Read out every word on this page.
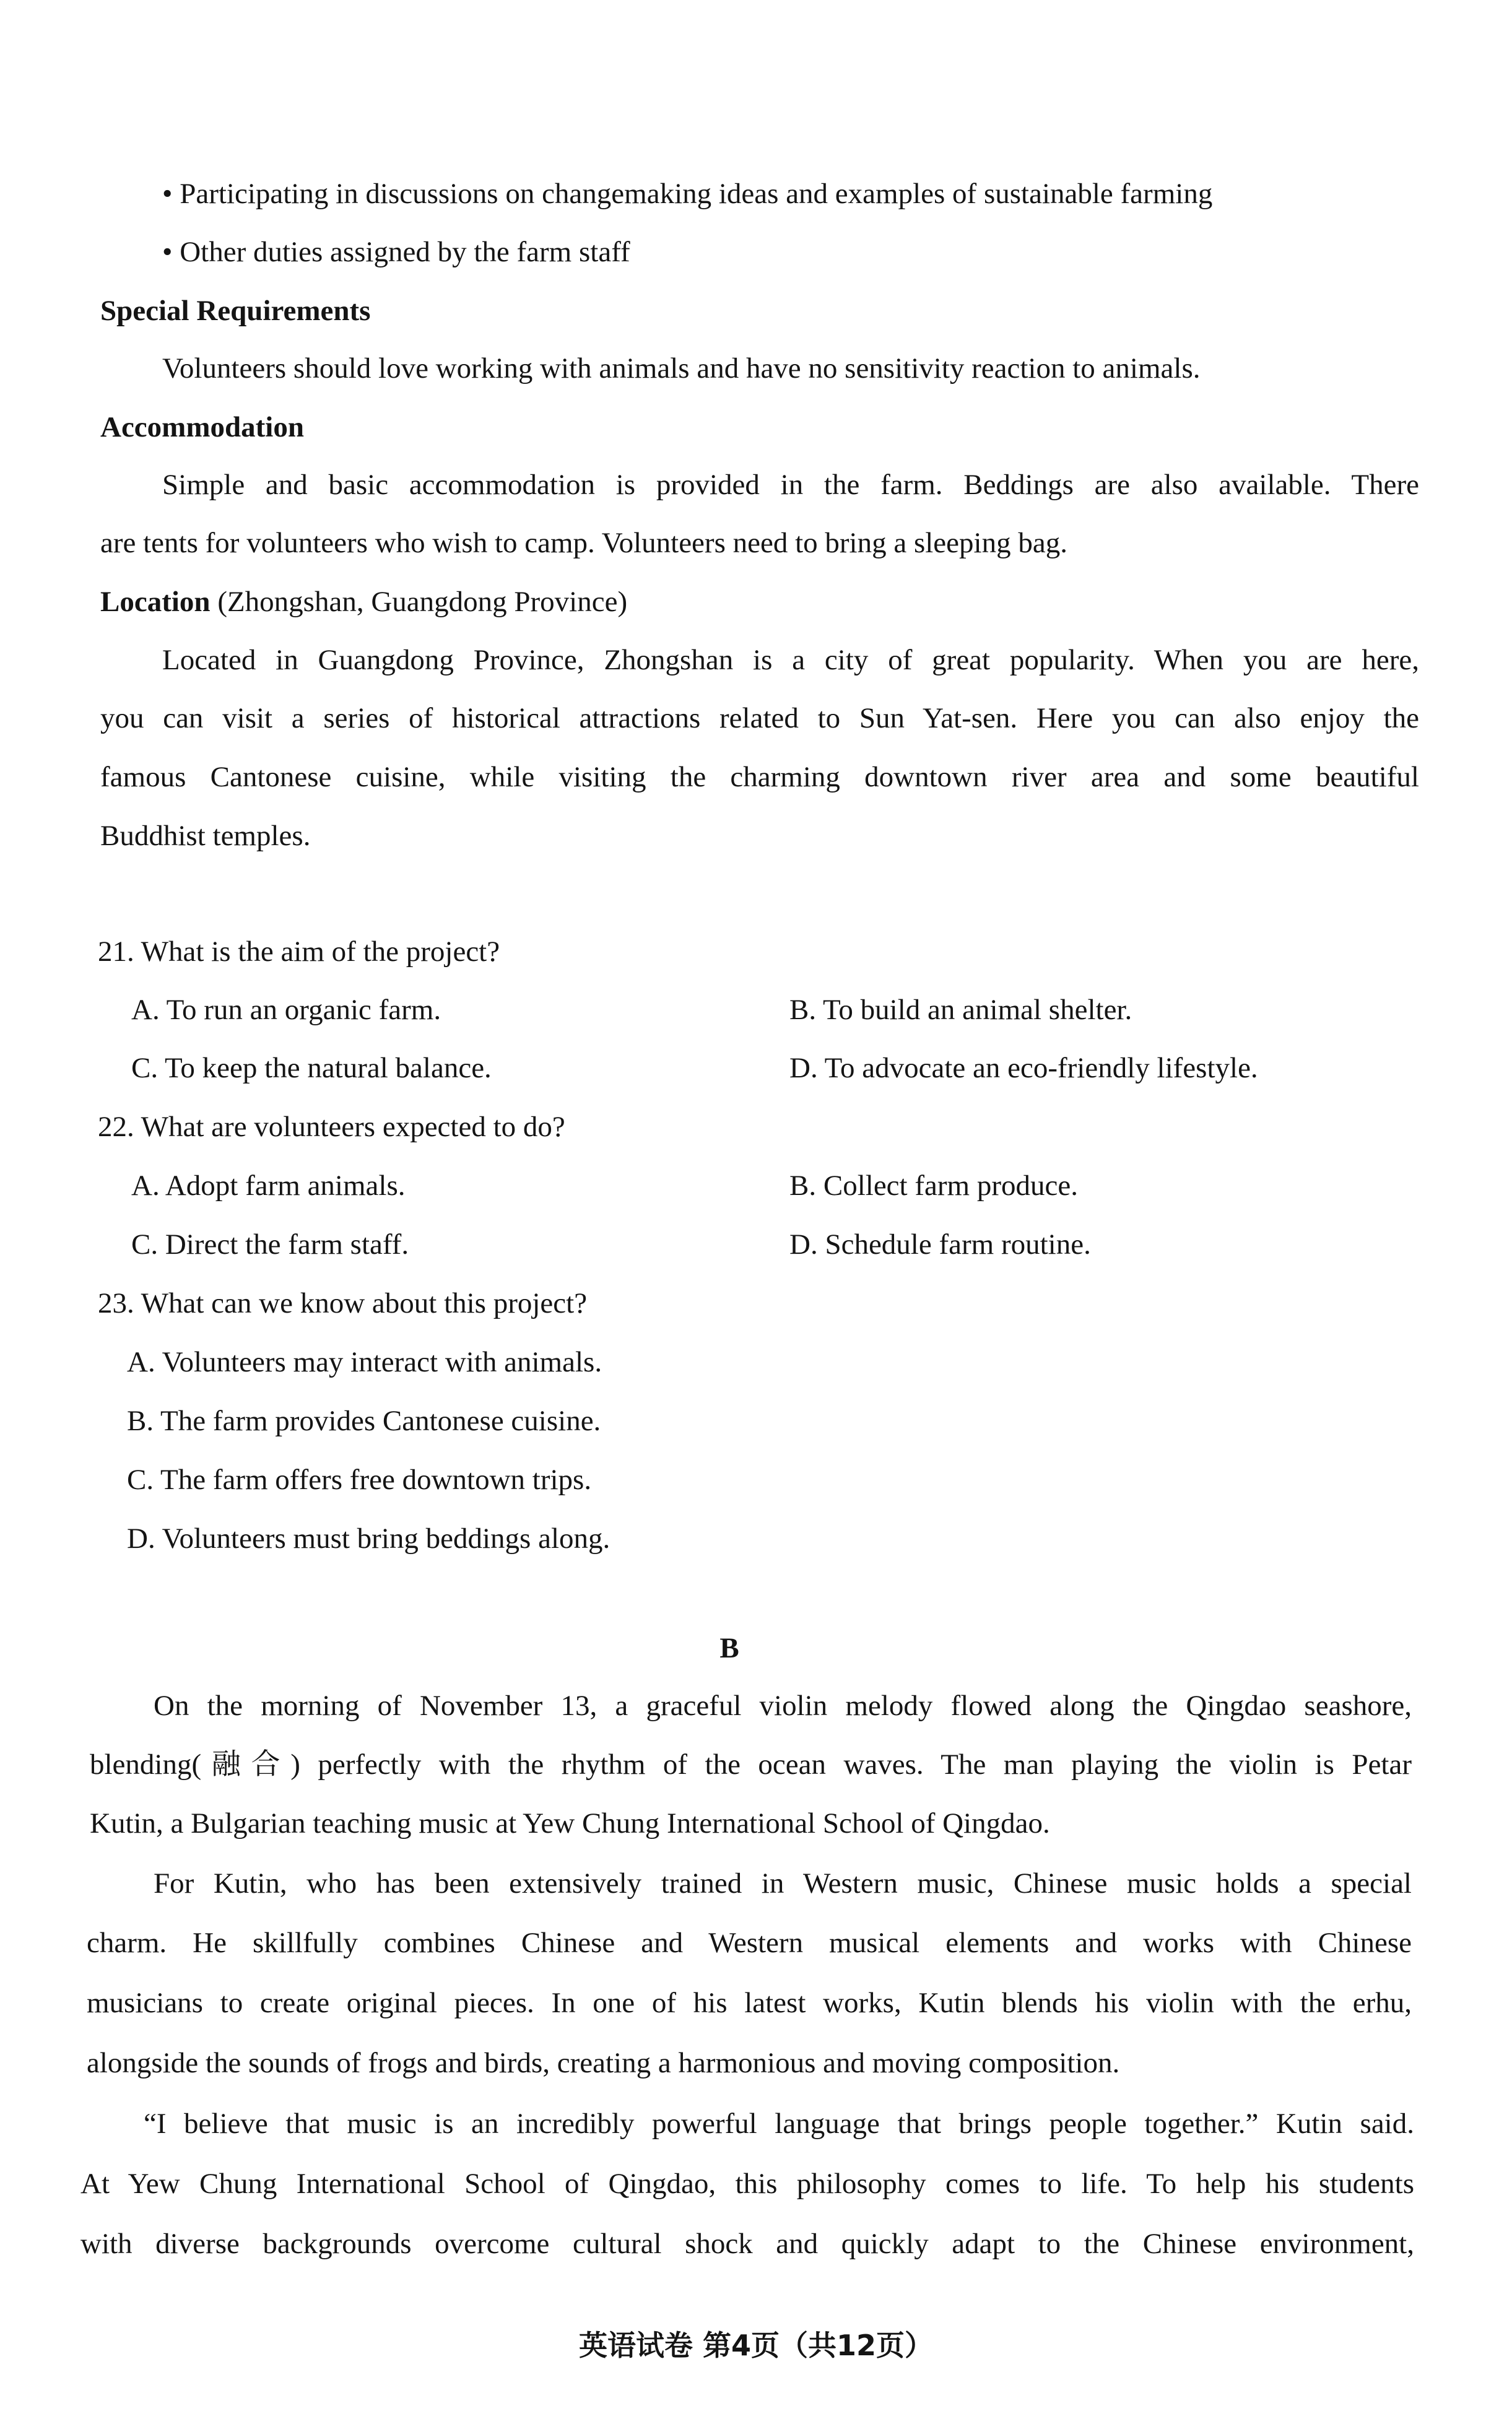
• Participating in discussions on changemaking ideas and examples of sustainable farming
• Other duties assigned by the farm staff
Special Requirements
Volunteers should love working with animals and have no sensitivity reaction to animals.
Accommodation
Simple and basic accommodation is provided in the farm. Beddings are also available. There
are tents for volunteers who wish to camp. Volunteers need to bring a sleeping bag.
Location (Zhongshan, Guangdong Province)
Located in Guangdong Province, Zhongshan is a city of great popularity. When you are here,
you can visit a series of historical attractions related to Sun Yat-sen. Here you can also enjoy the
famous Cantonese cuisine, while visiting the charming downtown river area and some beautiful
Buddhist temples.
21. What is the aim of the project?
A. To run an organic farm.	B. To build an animal shelter.
C. To keep the natural balance.	D. To advocate an eco-friendly lifestyle.
22. What are volunteers expected to do?
A. Adopt farm animals.	B. Collect farm produce.
C. Direct the farm staff.	D. Schedule farm routine.
23. What can we know about this project?
A. Volunteers may interact with animals.
B. The farm provides Cantonese cuisine.
C. The farm offers free downtown trips.
D. Volunteers must bring beddings along.
B
On the morning of November 13, a graceful violin melody flowed along the Qingdao seashore,
blending(融合) perfectly with the rhythm of the ocean waves. The man playing the violin is Petar
Kutin, a Bulgarian teaching music at Yew Chung International School of Qingdao.
For Kutin, who has been extensively trained in Western music, Chinese music holds a special
charm. He skillfully combines Chinese and Western musical elements and works with Chinese
musicians to create original pieces. In one of his latest works, Kutin blends his violin with the erhu,
alongside the sounds of frogs and birds, creating a harmonious and moving composition.
“I believe that music is an incredibly powerful language that brings people together.” Kutin said.
At Yew Chung International School of Qingdao, this philosophy comes to life. To help his students
with diverse backgrounds overcome cultural shock and quickly adapt to the Chinese environment,
英语试卷 第4页（共12页）
